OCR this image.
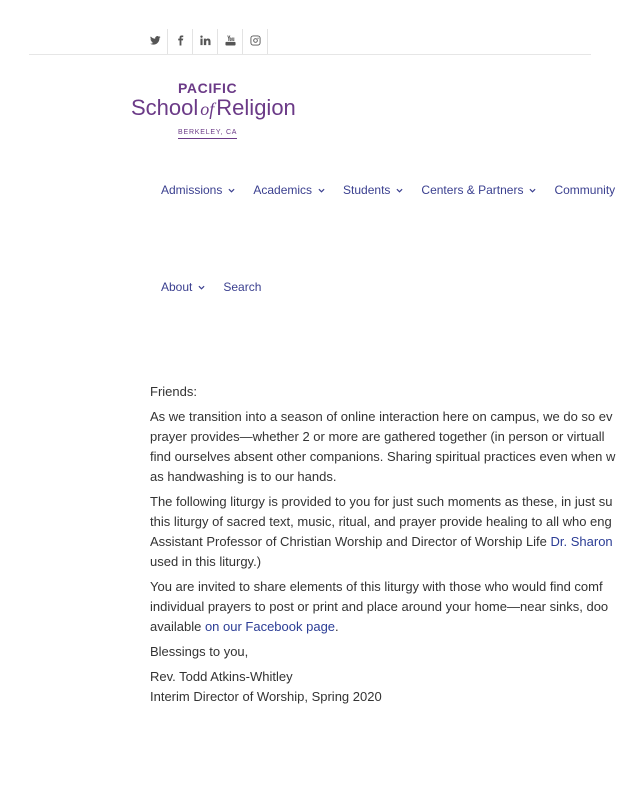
PACIFIC
School ofReligion
BERKELEY, CA
Admissions	Academics	Students	Centers & Partners	Community
About	Search

Friends:

As we transition into a season of online interaction here on campus, we do so ev
prayer provides—whether 2 or more are gathered together (in person or virtuall
find ourselves absent other companions. Sharing spiritual practices even when w
as handwashing is to our hands.

The following liturgy is provided to you for just such moments as these, in just su
this liturgy of sacred text, music, ritual, and prayer provide healing to all who eng
Assistant Professor of Christian Worship and Director of Worship Life Dr. Sharon
used in this liturgy.)

You are invited to share elements of this liturgy with those who would find comf
individual prayers to post or print and place around your home—near sinks, doo
available on our Facebook page.

Blessings to you,

Rev. Todd Atkins-Whitley
Interim Director of Worship, Spring 2020
